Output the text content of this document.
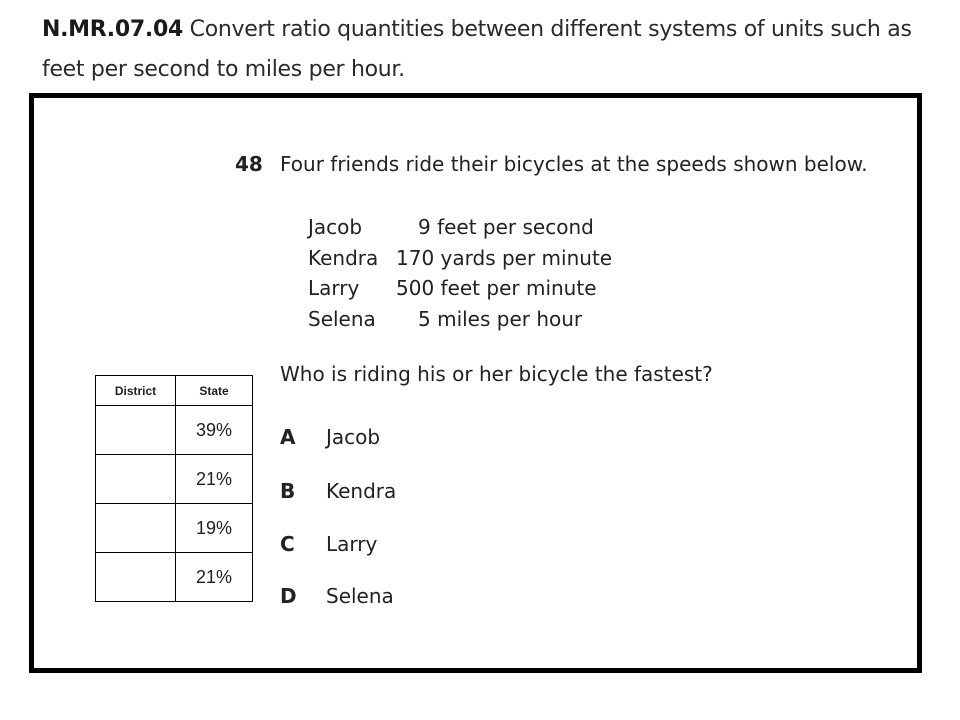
N.MR.07.04 Convert ratio quantities between different systems of units such as feet per second to miles per hour.
48 Four friends ride their bicycles at the speeds shown below.
Jacob	9 feet per second
Kendra 170 yards per minute
Larry 500 feet per minute
Selena 5 miles per hour
Who is riding his or her bicycle the fastest?
A Jacob
B Kendra
C Larry
D Selena
District	State
	39%
	21%
	19%
	21%
